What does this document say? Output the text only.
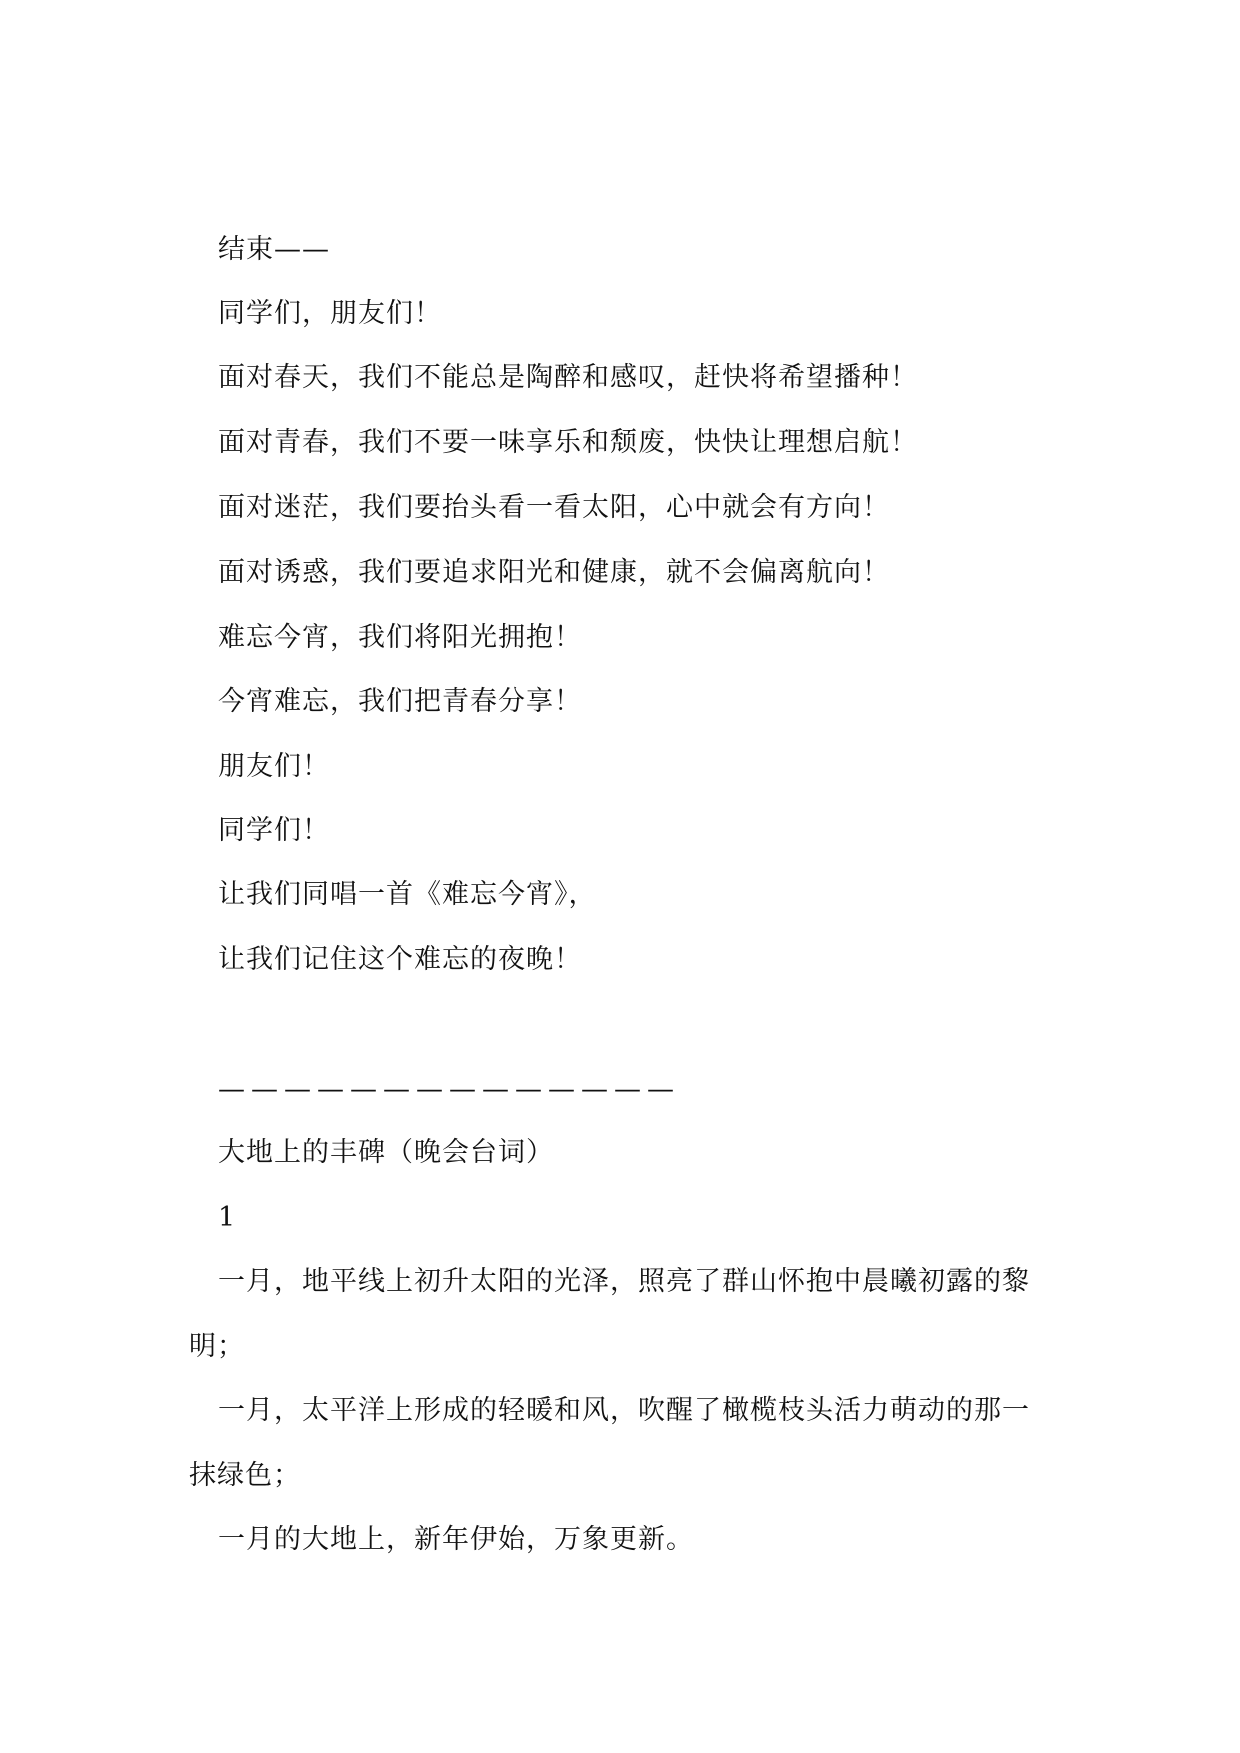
结束——
同学们，朋友们！
面对春天，我们不能总是陶醉和感叹，赶快将希望播种！
面对青春，我们不要一味享乐和颓废，快快让理想启航！
面对迷茫，我们要抬头看一看太阳，心中就会有方向！
面对诱惑，我们要追求阳光和健康，就不会偏离航向！
难忘今宵，我们将阳光拥抱！
今宵难忘，我们把青春分享！
朋友们！
同学们！
让我们同唱一首《难忘今宵》，
让我们记住这个难忘的夜晚！
——————————————
大地上的丰碑（晚会台词）
1
一月，地平线上初升太阳的光泽，照亮了群山怀抱中晨曦初露的黎
明；
一月，太平洋上形成的轻暖和风，吹醒了橄榄枝头活力萌动的那一
抹绿色；
一月的大地上，新年伊始，万象更新。
